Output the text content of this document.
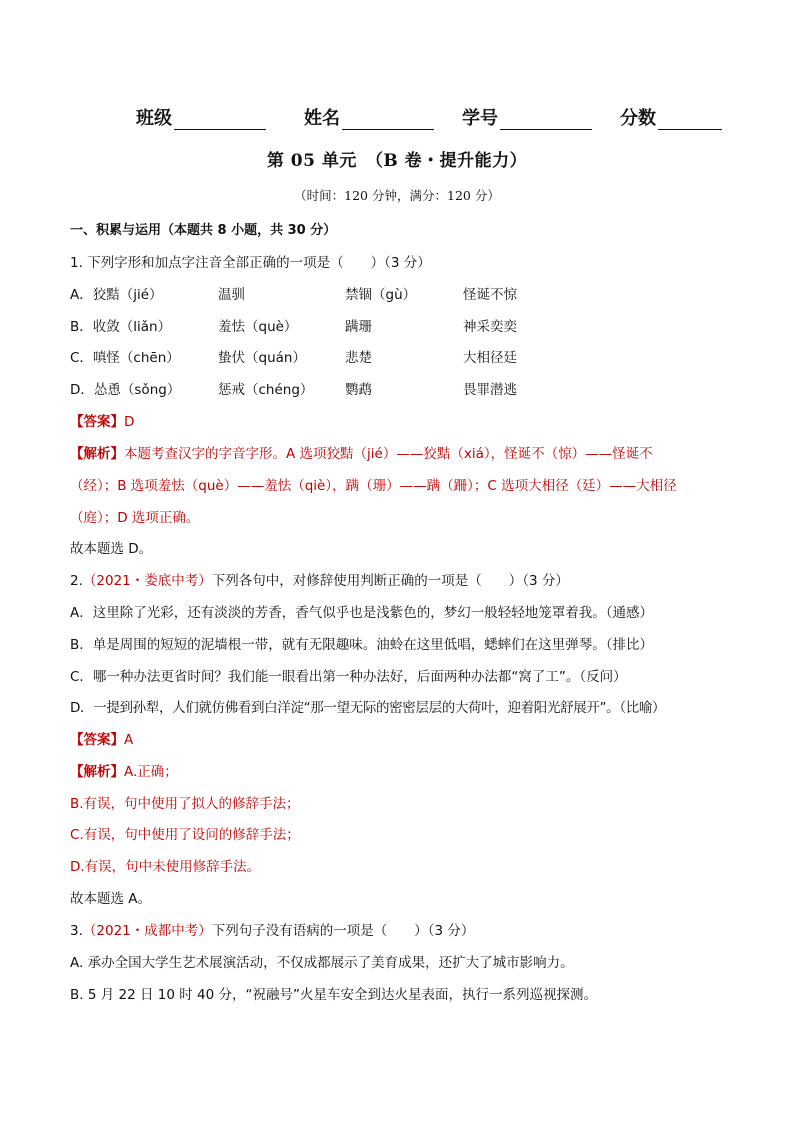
班级	姓名	学号	分数
第 05 单元　（B 卷・提升能力）
（时间：120 分钟，满分：120 分）
一、积累与运用（本题共 8 小题，共 30 分）
1. 下列字形和加点字注音全部正确的一项是（　　）（3 分）
A．狡黠（jié）	温驯	禁锢（gù）	怪诞不惊
B．收敛（liǎn）	羞怯（què）	蹒珊	神采奕奕
C．嗔怪（chēn）	蛰伏（quán）	悲楚	大相径廷
D．怂恿（sǒng）	惩戒（chéng） 鹦鹉	畏罪潜逃
【答案】D
【解析】本题考查汉字的字音字形。A 选项狡黠（jié）——狡黠（xiá），怪诞不（惊）——怪诞不
（经）；B 选项羞怯（què）——羞怯（qiè），蹒（珊）——蹒（跚）；C 选项大相径（廷）——大相径
（庭）；D 选项正确。
故本题选 D。
2.（2021・娄底中考）下列各句中，对修辞使用判断正确的一项是（　　）（3 分）
A．这里除了光彩，还有淡淡的芳香，香气似乎也是浅紫色的，梦幻一般轻轻地笼罩着我。（通感）
B．单是周围的短短的泥墙根一带，就有无限趣味。油蛉在这里低唱，蟋蟀们在这里弹琴。（排比）
C．哪一种办法更省时间？我们能一眼看出第一种办法好，后面两种办法都“窝了工”。（反问）
D．一提到孙犁，人们就仿佛看到白洋淀“那一望无际的密密层层的大荷叶，迎着阳光舒展开”。（比喻）
【答案】A
【解析】A.正确；
B.有误，句中使用了拟人的修辞手法；
C.有误，句中使用了设问的修辞手法；
D.有误，句中未使用修辞手法。
故本题选 A。
3.（2021・成都中考）下列句子没有语病的一项是（　　）（3 分）
A. 承办全国大学生艺术展演活动，不仅成都展示了美育成果，还扩大了城市影响力。
B. 5 月 22 日 10 时 40 分，“祝融号”火星车安全到达火星表面，执行一系列巡视探测。
